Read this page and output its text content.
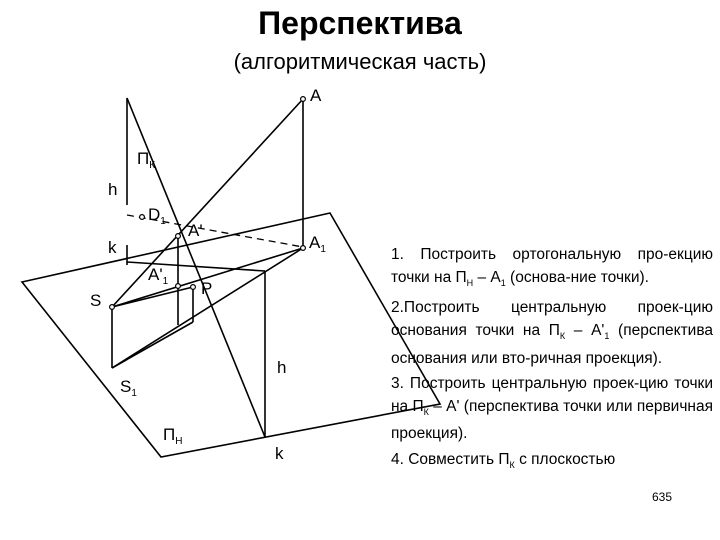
Перспектива
(алгоритмическая часть)
A
$A_1$
$П_К$
h
$D_1$ A'
k
$A'_1$ P
S
$S_1$
h
$П_Н$
k

1. Построить ортогональную про-екцию точки на $П_Н - А_1$ (основа-ние точки).

2.Построить центральную проек-цию основания точки на $П_К - А'_1$ (перспектива основания или вто-ричная проекция).

3. Построить центральную проек-цию точки на $П_К$ – А' (перспектива точки или первичная проекция).

4. Совместить $П_К$ с плоскостью

635
